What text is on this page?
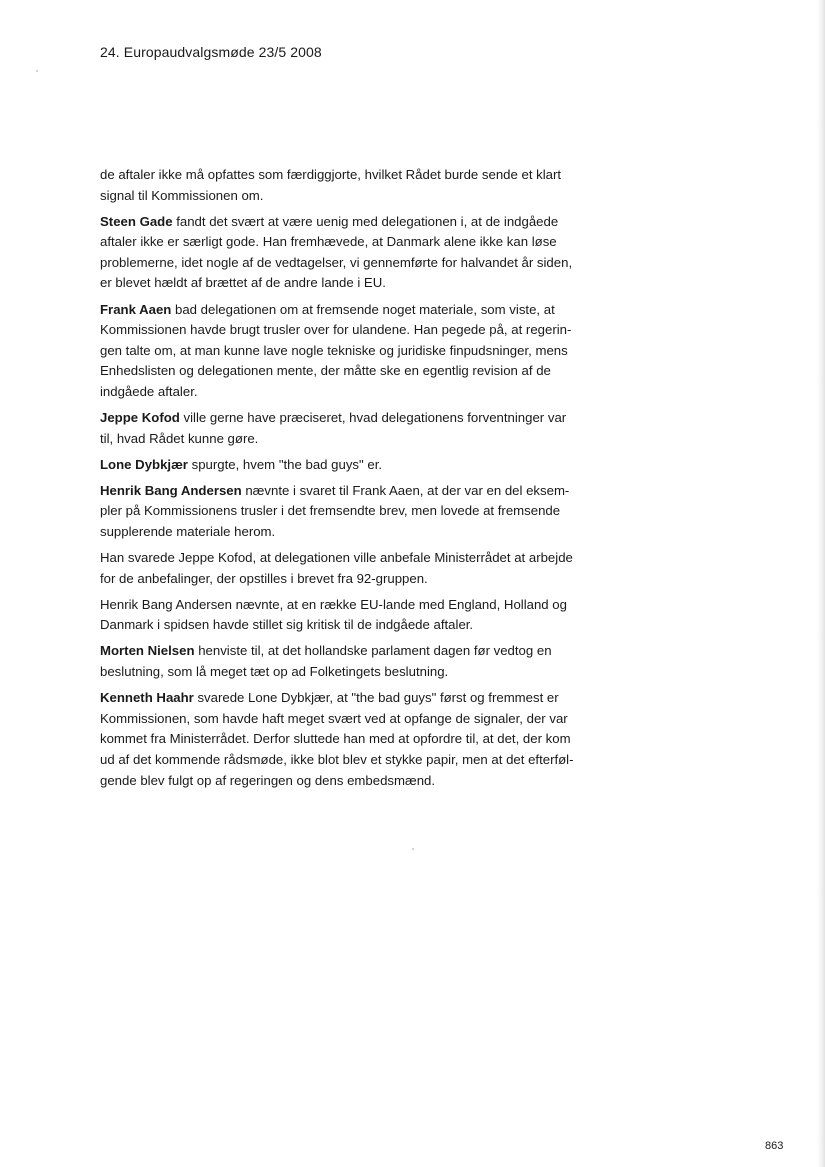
24. Europaudvalgsmøde 23/5 2008

de aftaler ikke må opfattes som færdiggjorte, hvilket Rådet burde sende et klart
signal til Kommissionen om.

Steen Gade fandt det svært at være uenig med delegationen i, at de indgåede
aftaler ikke er særligt gode. Han fremhævede, at Danmark alene ikke kan løse
problemerne, idet nogle af de vedtagelser, vi gennemførte for halvandet år siden,
er blevet hældt af brættet af de andre lande i EU.

Frank Aaen bad delegationen om at fremsende noget materiale, som viste, at
Kommissionen havde brugt trusler over for ulandene. Han pegede på, at regerin-
gen talte om, at man kunne lave nogle tekniske og juridiske finpudsninger, mens
Enhedslisten og delegationen mente, der måtte ske en egentlig revision af de
indgåede aftaler.

Jeppe Kofod ville gerne have præciseret, hvad delegationens forventninger var
til, hvad Rådet kunne gøre.

Lone Dybkjær spurgte, hvem "the bad guys" er.

Henrik Bang Andersen nævnte i svaret til Frank Aaen, at der var en del eksem-
pler på Kommissionens trusler i det fremsendte brev, men lovede at fremsende
supplerende materiale herom.

Han svarede Jeppe Kofod, at delegationen ville anbefale Ministerrådet at arbejde
for de anbefalinger, der opstilles i brevet fra 92-gruppen.

Henrik Bang Andersen nævnte, at en række EU-lande med England, Holland og
Danmark i spidsen havde stillet sig kritisk til de indgåede aftaler.

Morten Nielsen henviste til, at det hollandske parlament dagen før vedtog en
beslutning, som lå meget tæt op ad Folketingets beslutning.

Kenneth Haahr svarede Lone Dybkjær, at "the bad guys" først og fremmest er
Kommissionen, som havde haft meget svært ved at opfange de signaler, der var
kommet fra Ministerrådet. Derfor sluttede han med at opfordre til, at det, der kom
ud af det kommende rådsmøde, ikke blot blev et stykke papir, men at det efterføl-
gende blev fulgt op af regeringen og dens embedsmænd.

863
